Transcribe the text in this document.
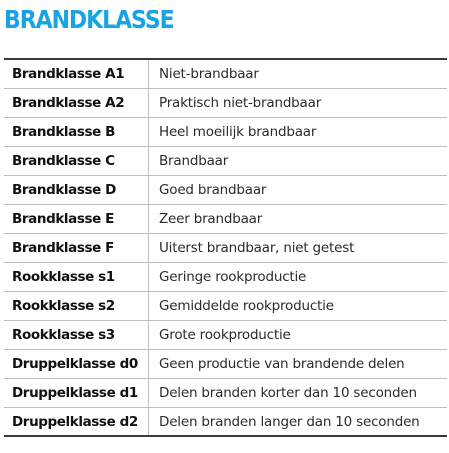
BRANDKLASSE
Brandklasse A1	Niet-brandbaar
Brandklasse A2	Praktisch niet-brandbaar
Brandklasse B	Heel moeilijk brandbaar
Brandklasse C	Brandbaar
Brandklasse D	Goed brandbaar
Brandklasse E	Zeer brandbaar
Brandklasse F	Uiterst brandbaar, niet getest
Rookklasse s1	Geringe rookproductie
Rookklasse s2	Gemiddelde rookproductie
Rookklasse s3	Grote rookproductie
Druppelklasse d0	Geen productie van brandende delen
Druppelklasse d1	Delen branden korter dan 10 seconden
Druppelklasse d2	Delen branden langer dan 10 seconden
